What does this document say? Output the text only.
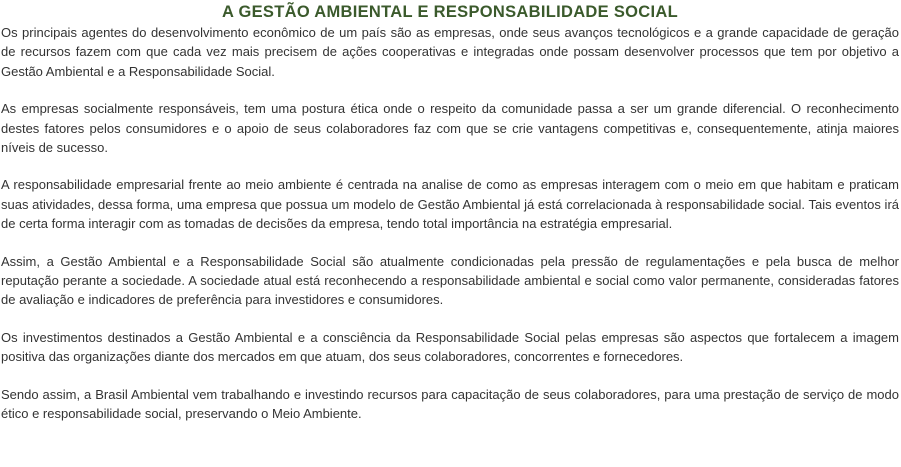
A GESTÃO AMBIENTAL E RESPONSABILIDADE SOCIAL

Os principais agentes do desenvolvimento econômico de um país são as empresas, onde seus avanços tecnológicos e a grande capacidade de geração de recursos fazem com que cada vez mais precisem de ações cooperativas e integradas onde possam desenvolver processos que tem por objetivo a Gestão Ambiental e a Responsabilidade Social.

As empresas socialmente responsáveis, tem uma postura ética onde o respeito da comunidade passa a ser um grande diferencial. O reconhecimento destes fatores pelos consumidores e o apoio de seus colaboradores faz com que se crie vantagens competitivas e, consequentemente, atinja maiores níveis de sucesso.

A responsabilidade empresarial frente ao meio ambiente é centrada na analise de como as empresas interagem com o meio em que habitam e praticam suas atividades, dessa forma, uma empresa que possua um modelo de Gestão Ambiental já está correlacionada à responsabilidade social. Tais eventos irá de certa forma interagir com as tomadas de decisões da empresa, tendo total importância na estratégia empresarial.

Assim, a Gestão Ambiental e a Responsabilidade Social são atualmente condicionadas pela pressão de regulamentações e pela busca de melhor reputação perante a sociedade. A sociedade atual está reconhecendo a responsabilidade ambiental e social como valor permanente, consideradas fatores de avaliação e indicadores de preferência para investidores e consumidores.

Os investimentos destinados a Gestão Ambiental e a consciência da Responsabilidade Social pelas empresas são aspectos que fortalecem a imagem positiva das organizações diante dos mercados em que atuam, dos seus colaboradores, concorrentes e fornecedores.

Sendo assim, a Brasil Ambiental vem trabalhando e investindo recursos para capacitação de seus colaboradores, para uma prestação de serviço de modo ético e responsabilidade social, preservando o Meio Ambiente.
